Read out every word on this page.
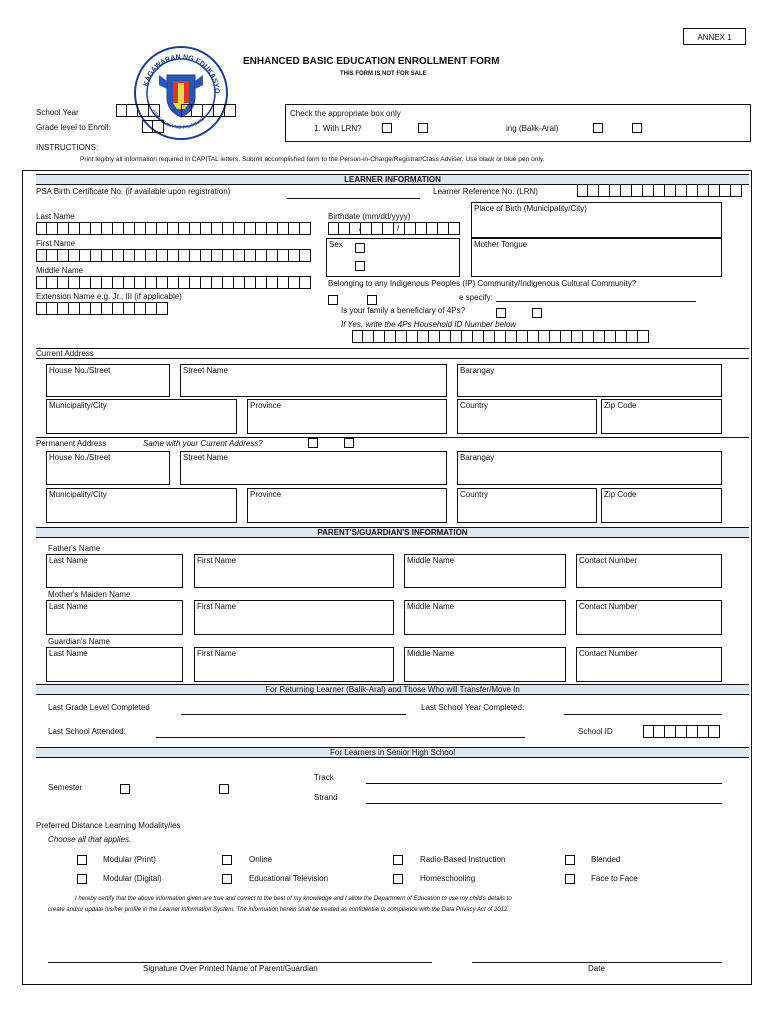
ANNEX 1
KAGAWARAN NG EDUKASYO
REPUBLIKA NG PILIPINAS
ENHANCED BASIC EDUCATION ENROLLMENT FORM
THIS FORM IS NOT FOR SALE
School Year	-
Grade level to Enroll:
Check the appropriate box only
1. With LRN?	ing (Balik-Aral)
INSTRUCTIONS:
Print legibly all information required in CAPITAL letters. Submit accomplished form to the Person-in-Charge/Registrar/Class Adviser. Use black or blue pen only.
LEARNER INFORMATION
PSA Birth Certificate No. (if available upon registration)	Learner Reference No. (LRN)
Last Name	Birthdate (mm/dd/yyyy)
/	/
Place of Birth (Municipality/City)
First Name	Sex	Mother Tongue
Middle Name
Belonging to any Indigenous Peoples (IP) Community/Indigenous Cultural Community?
Extension Name e.g. Jr., III (if applicable)	e specify:
Is your family a beneficiary of 4Ps?
If Yes, write the 4Ps Household ID Number below
Current Address
House No./Street	Street Name	Barangay
Municipality/City	Province	Country	Zip Code
Permanent Address	Same with your Current Address?
House No./Street	Street Name	Barangay
Municipality/City	Province	Country	Zip Code
PARENT'S/GUARDIAN'S INFORMATION
Father's Name
Last Name	First Name	Middle Name	Contact Number
Mother's Maiden Name
Last Name	First Name	Middle Name	Contact Number
Guardian's Name
Last Name	First Name	Middle Name	Contact Number
For Returning Learner (Balik-Aral) and Those Who will Transfer/Move In
Last Grade Level Completed	Last School Year Completed:
Last School Attended:	School ID
For Learners in Senior High School
Semester
Track
Strand
Preferred Distance Learning Modality/ies
Choose all that applies.
Modular (Print)	Online	Radio-Based Instruction	Blended
Modular (Digital)	Educational Television	Homeschooling	Face to Face
I hereby certify that the above information given are true and correct to the best of my knowledge and I allow the Department of Education to use my child's details to
create and/or update his/her profile in the Learner Information System. The information herein shall be treated as confidential in compliance with the Data Privacy Act of 2012.
Signature Over Printed Name of Parent/Guardian	Date
